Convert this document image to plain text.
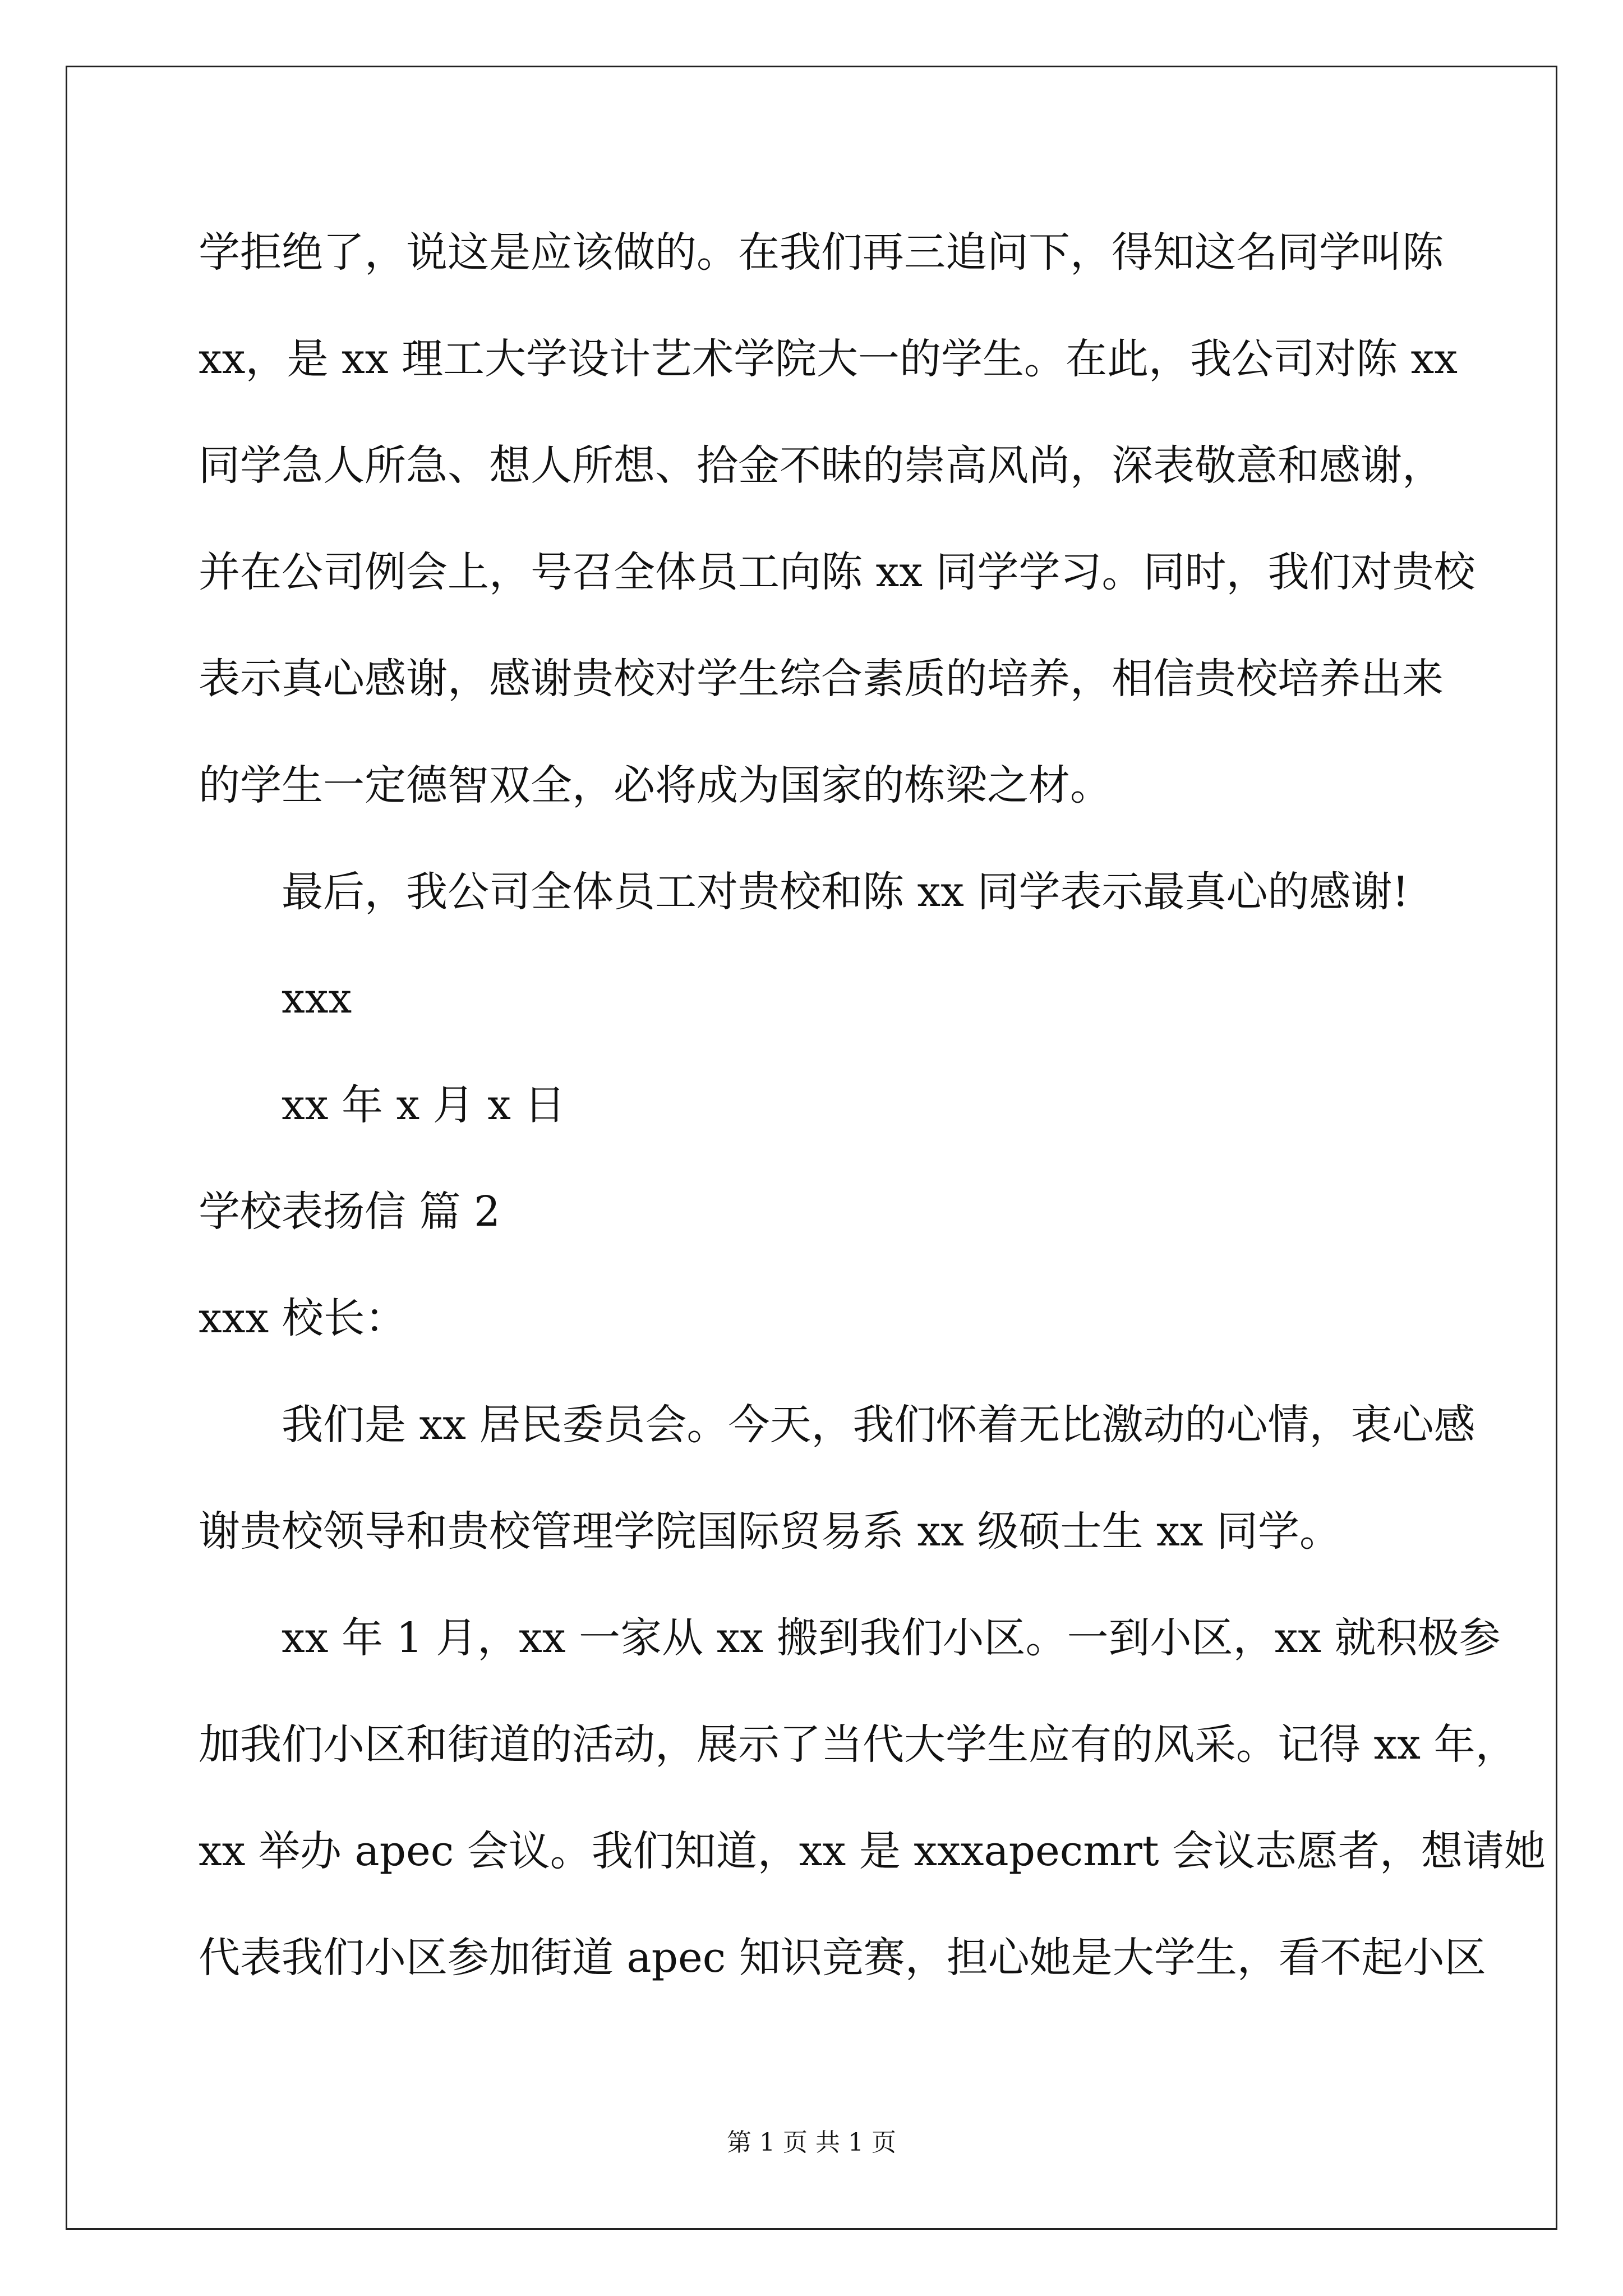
学拒绝了，说这是应该做的。在我们再三追问下，得知这名同学叫陈
xx，是 xx 理工大学设计艺术学院大一的学生。在此，我公司对陈 xx
同学急人所急、想人所想、拾金不昧的崇高风尚，深表敬意和感谢，
并在公司例会上，号召全体员工向陈 xx 同学学习。同时，我们对贵校
表示真心感谢，感谢贵校对学生综合素质的培养，相信贵校培养出来
的学生一定德智双全，必将成为国家的栋梁之材。
最后，我公司全体员工对贵校和陈 xx 同学表示最真心的感谢!
xxx
xx 年 x 月 x 日
学校表扬信 篇 2
xxx 校长：
我们是 xx 居民委员会。今天，我们怀着无比激动的心情，衷心感
谢贵校领导和贵校管理学院国际贸易系 xx 级硕士生 xx 同学。
xx 年 1 月，xx 一家从 xx 搬到我们小区。一到小区，xx 就积极参
加我们小区和街道的活动，展示了当代大学生应有的风采。记得 xx 年，
xx 举办 apec 会议。我们知道，xx 是 xxxapecmrt 会议志愿者，想请她
代表我们小区参加街道 apec 知识竞赛，担心她是大学生，看不起小区
第 1 页 共 1 页
